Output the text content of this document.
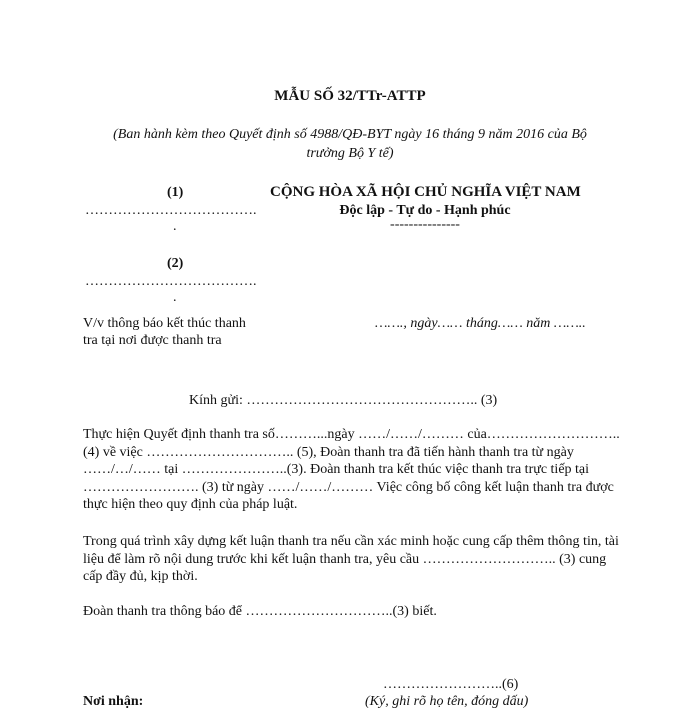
MẪU SỐ 32/TTr-ATTP
(Ban hành kèm theo Quyết định số 4988/QĐ-BYT ngày 16 tháng 9 năm 2016 của Bộ trưởng Bộ Y tế)
(1)
……………………………….
.
(2)
……………………………….
.
CỘNG HÒA XÃ HỘI CHỦ NGHĨA VIỆT NAM
Độc lập - Tự do - Hạnh phúc
---------------
V/v thông báo kết thúc thanh
tra tại nơi được thanh tra
……., ngày…… tháng…… năm ……..
Kính gửi: ………………………………………….. (3)
Thực hiện Quyết định thanh tra số………...ngày ……/……/……… của……………………….. (4) về việc ………………………….. (5), Đoàn thanh tra đã tiến hành thanh tra từ ngày ……/…/…… tại …………………..(3). Đoàn thanh tra kết thúc việc thanh tra trực tiếp tại ……………………. (3) từ ngày ……/……/……… Việc công bố công kết luận thanh tra được thực hiện theo quy định của pháp luật.
Trong quá trình xây dựng kết luận thanh tra nếu cần xác minh hoặc cung cấp thêm thông tin, tài liệu để làm rõ nội dung trước khi kết luận thanh tra, yêu cầu ……………………….. (3) cung cấp đầy đủ, kịp thời.
Đoàn thanh tra thông báo để …………………………..(3) biết.
……………………..(6)
Nơi nhận:	(Ký, ghi rõ họ tên, đóng dấu)
